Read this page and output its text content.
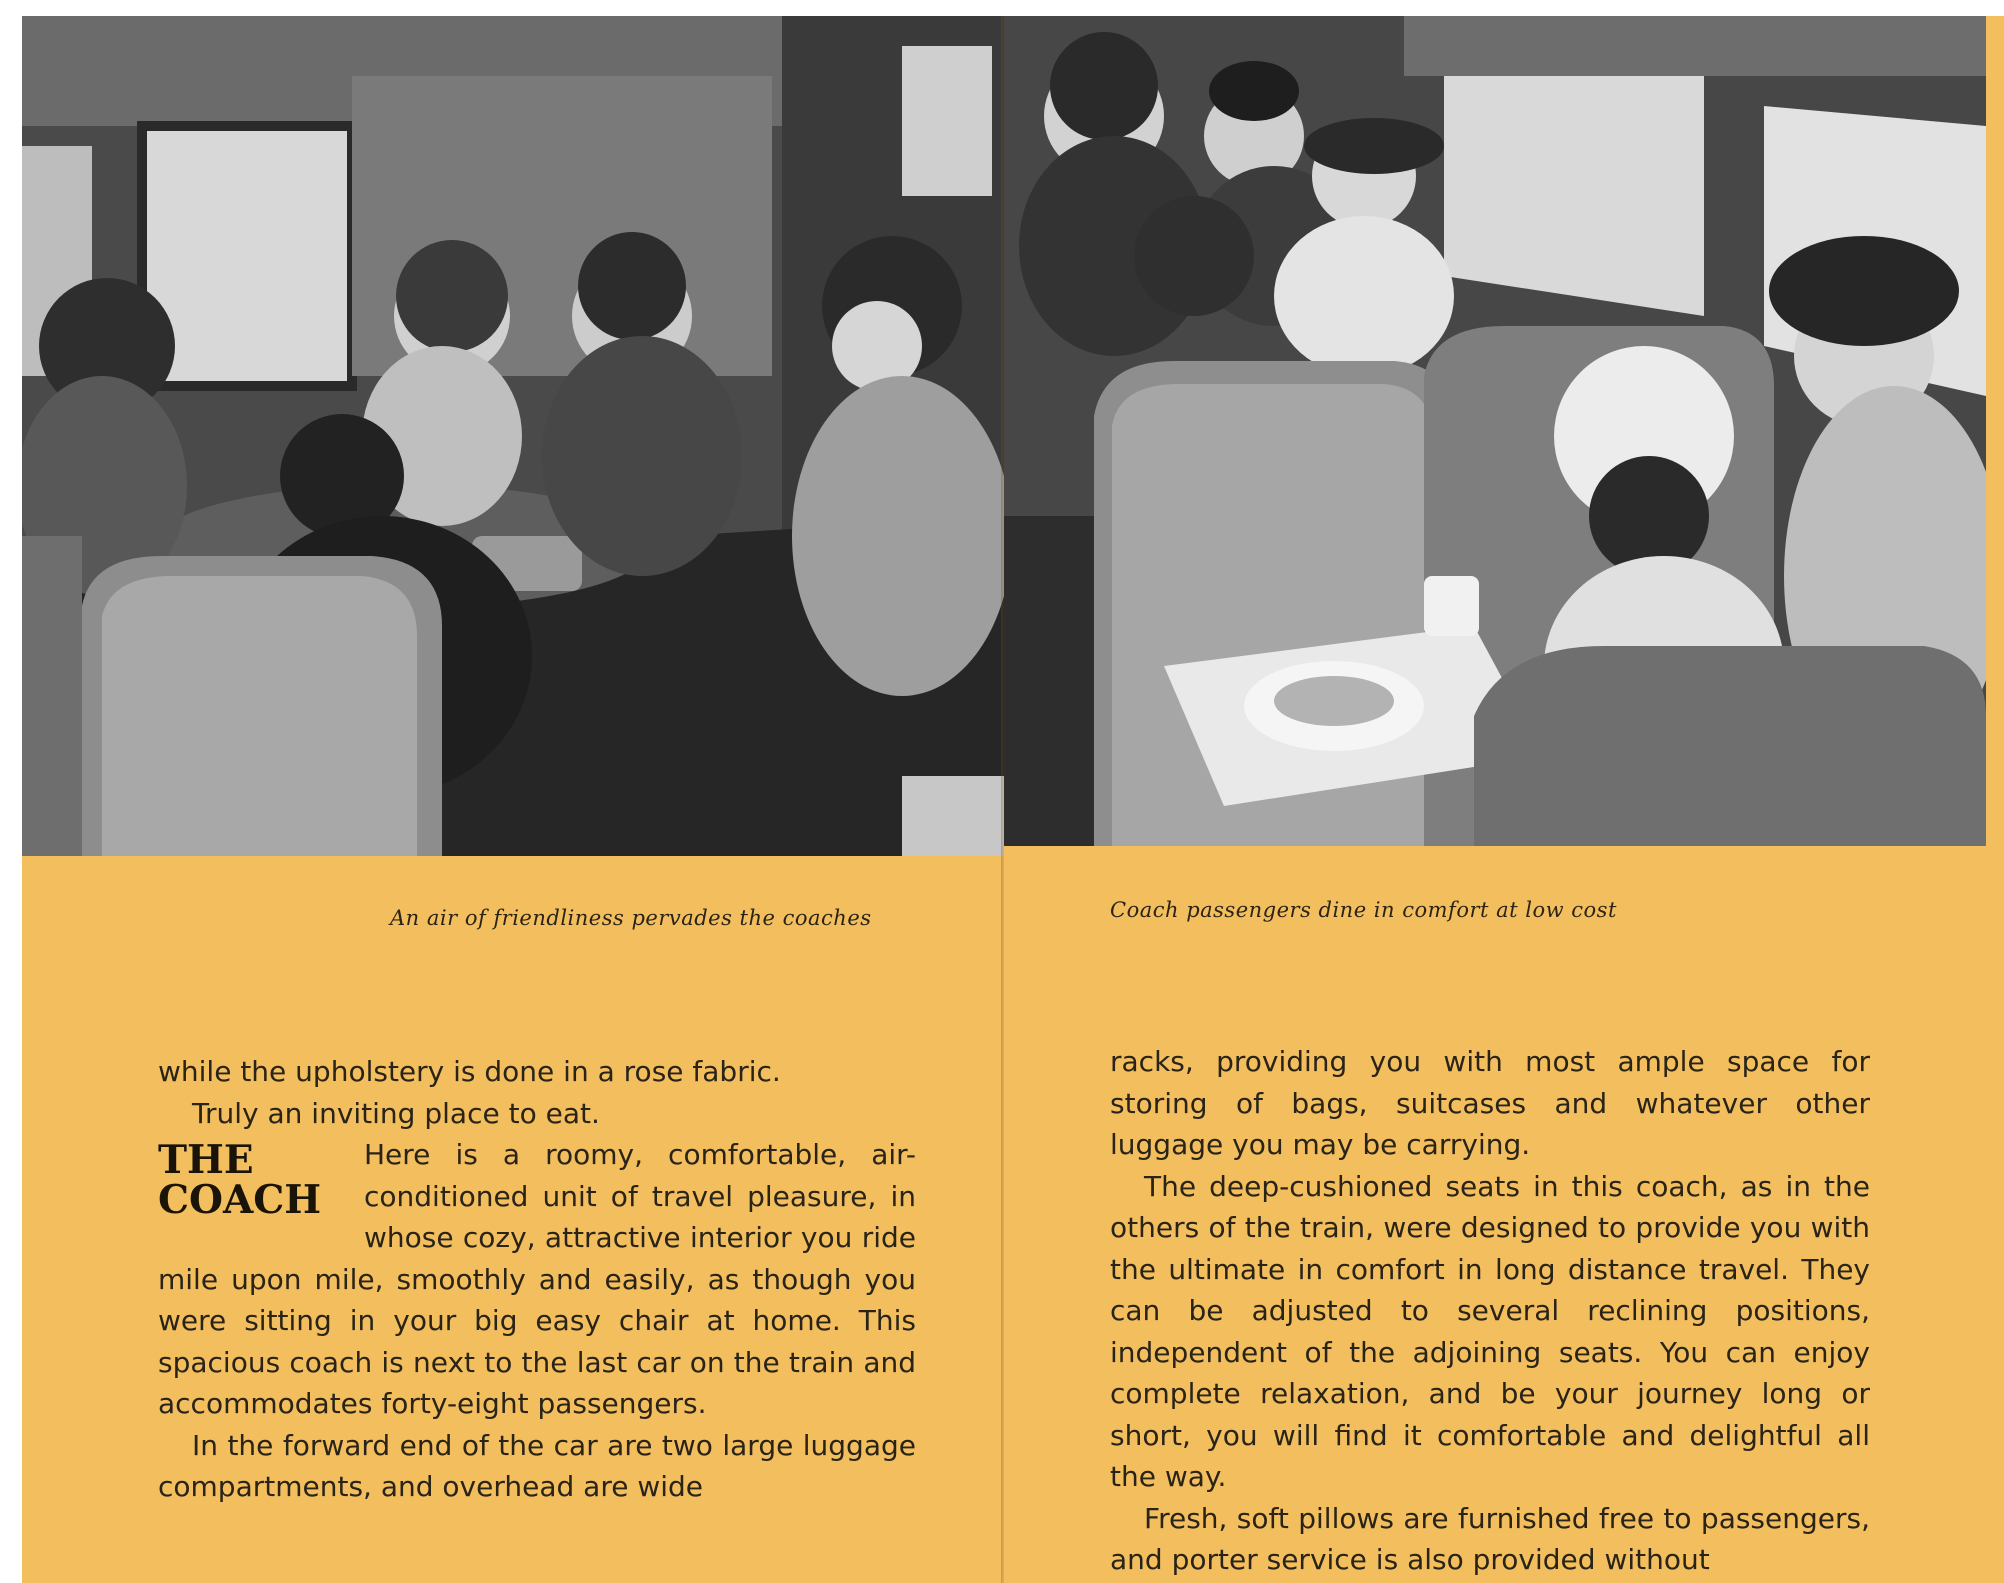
An air of friendliness pervades the coaches

while the upholstery is done in a rose fabric.

Truly an inviting place to eat.

THE
COACH

Here is a roomy, comfortable, air-conditioned unit of travel pleasure, in whose cozy, attractive interior you ride mile upon mile, smoothly and easily, as though you were sitting in your big easy chair at home. This spacious coach is next to the last car on the train and accommodates forty-eight passengers.

In the forward end of the car are two large luggage compartments, and overhead are wide

Coach passengers dine in comfort at low cost

racks, providing you with most ample space for storing of bags, suitcases and whatever other luggage you may be carrying.

The deep-cushioned seats in this coach, as in the others of the train, were designed to provide you with the ultimate in comfort in long distance travel. They can be adjusted to several reclining positions, independent of the adjoining seats. You can enjoy complete relaxation, and be your journey long or short, you will find it comfortable and delightful all the way.

Fresh, soft pillows are furnished free to passengers, and porter service is also provided without
